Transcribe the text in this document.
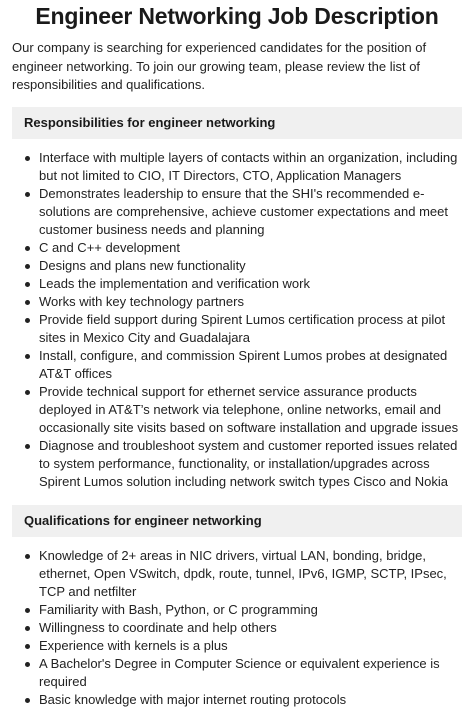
Engineer Networking Job Description

Our company is searching for experienced candidates for the position of engineer networking. To join our growing team, please review the list of responsibilities and qualifications.

Responsibilities for engineer networking
Interface with multiple layers of contacts within an organization, including but not limited to CIO, IT Directors, CTO, Application Managers
Demonstrates leadership to ensure that the SHI's recommended e-solutions are comprehensive, achieve customer expectations and meet customer business needs and planning
C and C++ development
Designs and plans new functionality
Leads the implementation and verification work
Works with key technology partners
Provide field support during Spirent Lumos certification process at pilot sites in Mexico City and Guadalajara
Install, configure, and commission Spirent Lumos probes at designated AT&T offices
Provide technical support for ethernet service assurance products deployed in AT&T’s network via telephone, online networks, email and occasionally site visits based on software installation and upgrade issues
Diagnose and troubleshoot system and customer reported issues related to system performance, functionality, or installation/upgrades across Spirent Lumos solution including network switch types Cisco and Nokia
Qualifications for engineer networking
Knowledge of 2+ areas in NIC drivers, virtual LAN, bonding, bridge, ethernet, Open VSwitch, dpdk, route, tunnel, IPv6, IGMP, SCTP, IPsec, TCP and netfilter
Familiarity with Bash, Python, or C programming
Willingness to coordinate and help others
Experience with kernels is a plus
A Bachelor's Degree in Computer Science or equivalent experience is required
Basic knowledge with major internet routing protocols
